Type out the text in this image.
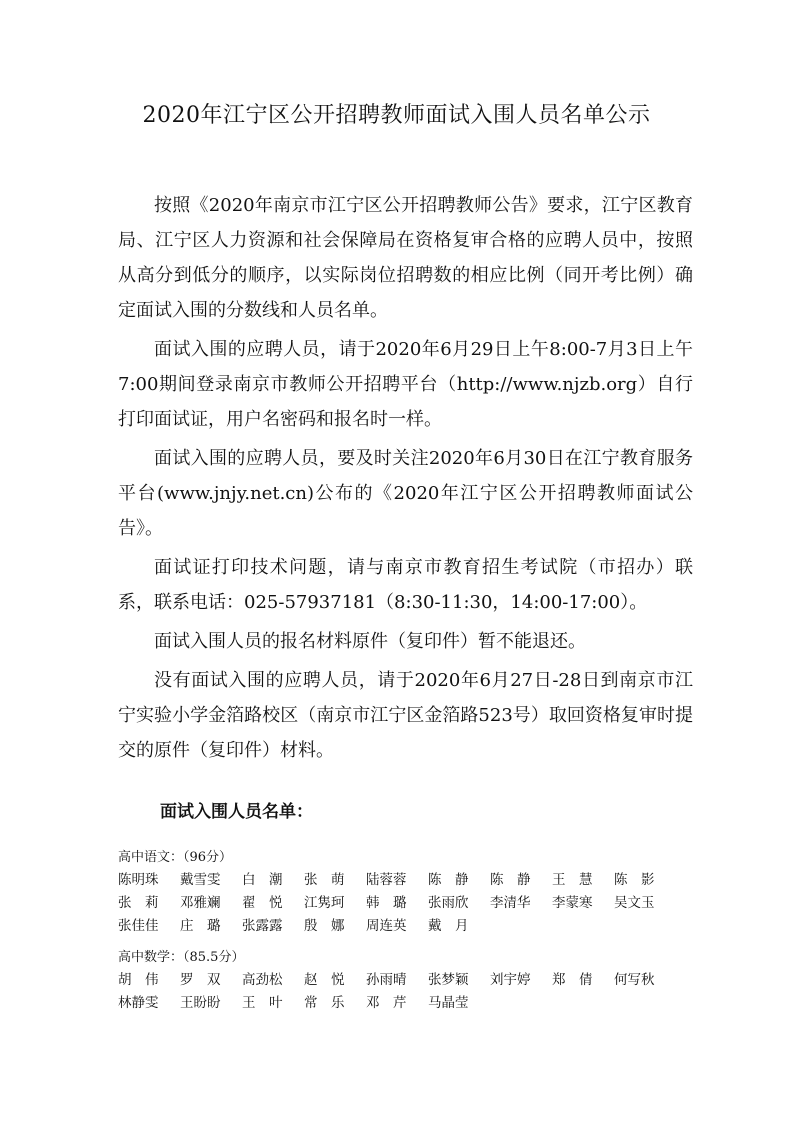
2020年江宁区公开招聘教师面试入围人员名单公示

按照《2020年南京市江宁区公开招聘教师公告》要求，江宁区教育局、江宁区人力资源和社会保障局在资格复审合格的应聘人员中，按照从高分到低分的顺序，以实际岗位招聘数的相应比例（同开考比例）确定面试入围的分数线和人员名单。

面试入围的应聘人员，请于2020年6月29日上午8:00-7月3日上午7:00期间登录南京市教师公开招聘平台（http://www.njzb.org）自行打印面试证，用户名密码和报名时一样。

面试入围的应聘人员，要及时关注2020年6月30日在江宁教育服务平台(www.jnjy.net.cn)公布的《2020年江宁区公开招聘教师面试公告》。

面试证打印技术问题，请与南京市教育招生考试院（市招办）联系，联系电话：025-57937181（8:30-11:30，14:00-17:00）。

面试入围人员的报名材料原件（复印件）暂不能退还。

没有面试入围的应聘人员，请于2020年6月27日-28日到南京市江宁实验小学金箔路校区（南京市江宁区金箔路523号）取回资格复审时提交的原件（复印件）材料。

面试入围人员名单：

高中语文：（96分）

陈明珠	戴雪雯	白　潮	张　萌	陆蓉蓉	陈　静	陈　静	王　慧	陈　影
张　莉	邓雅斓	翟　悦	江隽珂	韩　璐	张雨欣	李清华	李蒙寒	吴文玉
张佳佳	庄　璐	张露露	殷　娜	周连英	戴　月

高中数学：（85.5分）

胡　伟	罗　双	高劲松	赵　悦	孙雨晴	张梦颖	刘宇婷	郑　倩	何写秋
林静雯	王盼盼	王　叶	常　乐	邓　芹	马晶莹
